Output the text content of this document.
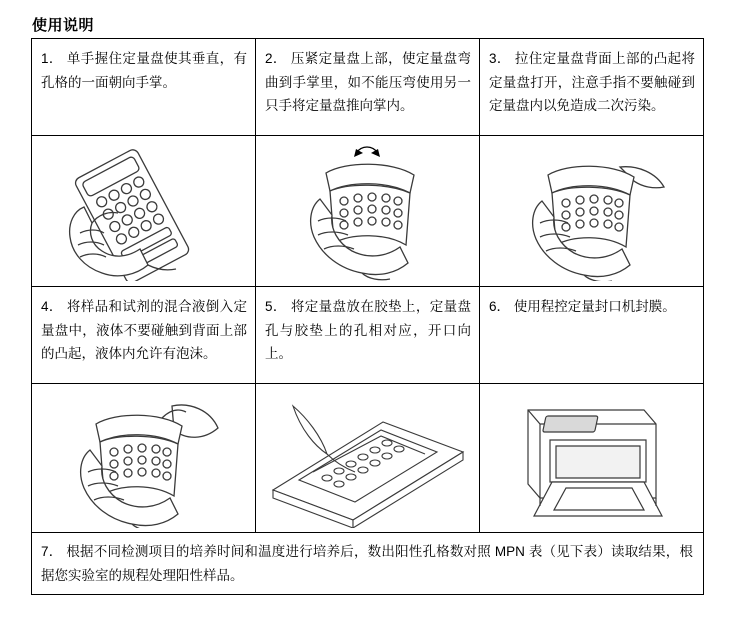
使用说明
1． 单手握住定量盘使其垂直，有孔格的一面朝向手掌。	2． 压紧定量盘上部，使定量盘弯曲到手掌里，如不能压弯使用另一只手将定量盘推向掌内。	3． 拉住定量盘背面上部的凸起将定量盘打开，注意手指不要触碰到定量盘内以免造成二次污染。

4． 将样品和试剂的混合液倒入定量盘中，液体不要碰触到背面上部的凸起，液体内允许有泡沫。	5． 将定量盘放在胶垫上，定量盘孔与胶垫上的孔相对应，开口向上。	6． 使用程控定量封口机封膜。

7． 根据不同检测项目的培养时间和温度进行培养后，数出阳性孔格数对照 MPN 表（见下表）读取结果，根据您实验室的规程处理阳性样品。		
